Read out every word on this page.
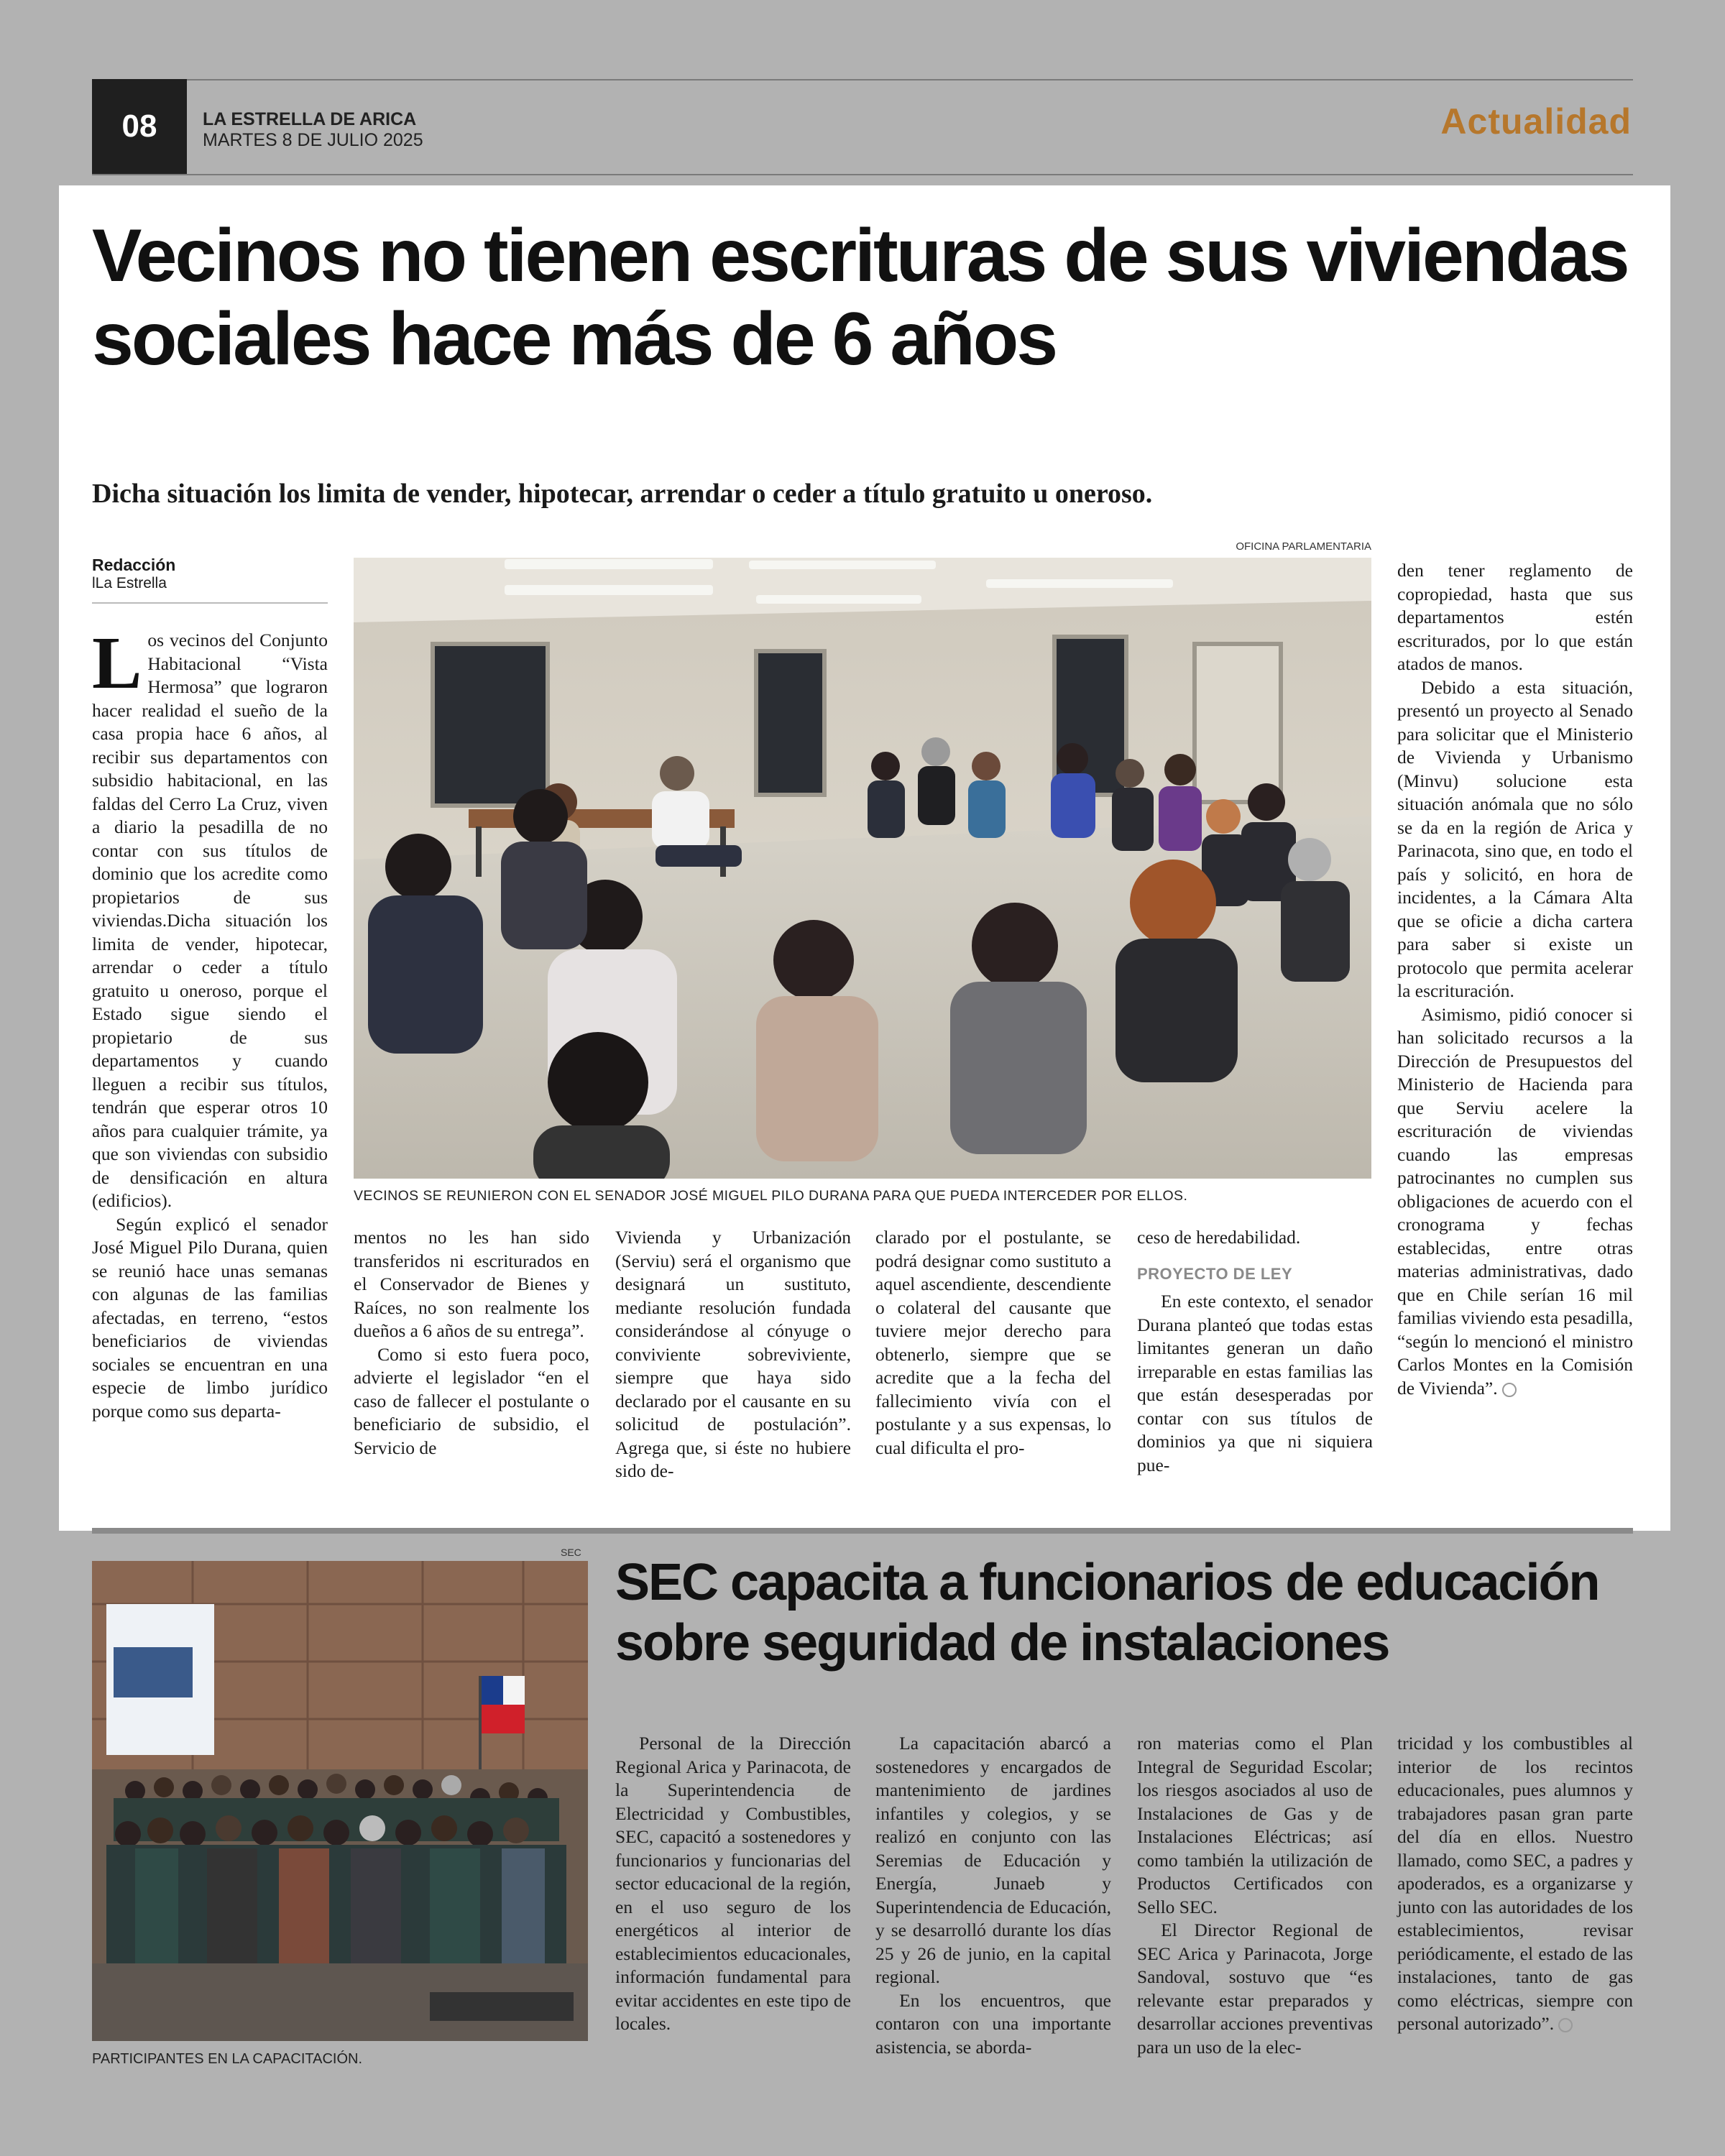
08	LA ESTRELLA DE ARICA
MARTES 8 DE JULIO 2025	Actualidad
Vecinos no tienen escrituras de sus viviendas sociales hace más de 6 años
Dicha situación los limita de vender, hipotecar, arrendar o ceder a título gratuito u oneroso.
Redacción
lLa Estrella

Los vecinos del Conjunto Habitacional “Vista Hermosa” que lograron hacer realidad el sueño de la casa propia hace 6 años, al recibir sus departamentos con subsidio habitacional, en las faldas del Cerro La Cruz, viven a diario la pesadilla de no contar con sus títulos de dominio que los acredite como propietarios de sus viviendas.Dicha situación los limita de vender, hipotecar, arrendar o ceder a título gratuito u oneroso, porque el Estado sigue siendo el propietario de sus departamentos y cuando lleguen a recibir sus títulos, tendrán que esperar otros 10 años para cualquier trámite, ya que son viviendas con subsidio de densificación en altura (edificios).

Según explicó el senador José Miguel Pilo Durana, quien se reunió hace unas semanas con algunas de las familias afectadas, en terreno, “estos beneficiarios de viviendas sociales se encuentran en una especie de limbo jurídico porque como sus departa-

OFICINA PARLAMENTARIA
VECINOS SE REUNIERON CON EL SENADOR JOSÉ MIGUEL PILO DURANA PARA QUE PUEDA INTERCEDER POR ELLOS.

mentos no les han sido transferidos ni escriturados en el Conservador de Bienes y Raíces, no son realmente los dueños a 6 años de su entrega”.

Como si esto fuera poco, advierte el legislador “en el caso de fallecer el postulante o beneficiario de subsidio, el Servicio de

Vivienda y Urbanización (Serviu) será el organismo que designará un sustituto, mediante resolución fundada considerándose al cónyuge o conviviente sobreviviente, siempre que haya sido declarado por el causante en su solicitud de postulación”. Agrega que, si éste no hubiere sido de-

clarado por el postulante, se podrá designar como sustituto a aquel ascendiente, descendiente o colateral del causante que tuviere mejor derecho para obtenerlo, siempre que se acredite que a la fecha del fallecimiento vivía con el postulante y a sus expensas, lo cual dificulta el pro-

ceso de heredabilidad.

PROYECTO DE LEY

En este contexto, el senador Durana planteó que todas estas limitantes generan un daño irreparable en estas familias las que están desesperadas por contar con sus títulos de dominios ya que ni siquiera pue-

den tener reglamento de copropiedad, hasta que sus departamentos estén escriturados, por lo que están atados de manos.

Debido a esta situación, presentó un proyecto al Senado para solicitar que el Ministerio de Vivienda y Urbanismo (Minvu) solucione esta situación anómala que no sólo se da en la región de Arica y Parinacota, sino que, en todo el país y solicitó, en hora de incidentes, a la Cámara Alta que se oficie a dicha cartera para saber si existe un protocolo que permita acelerar la escrituración.

Asimismo, pidió conocer si han solicitado recursos a la Dirección de Presupuestos del Ministerio de Hacienda para que Serviu acelere la escrituración de viviendas cuando las empresas patrocinantes no cumplen sus obligaciones de acuerdo con el cronograma y fechas establecidas, entre otras materias administrativas, dado que en Chile serían 16 mil familias viviendo esta pesadilla, “según lo mencionó el ministro Carlos Montes en la Comisión de Vivienda”.

SEC
PARTICIPANTES EN LA CAPACITACIÓN.
SEC capacita a funcionarios de educación sobre seguridad de instalaciones

Personal de la Dirección Regional Arica y Parinacota, de la Superintendencia de Electricidad y Combustibles, SEC, capacitó a sostenedores y funcionarios y funcionarias del sector educacional de la región, en el uso seguro de los energéticos al interior de establecimientos educacionales, información fundamental para evitar accidentes en este tipo de locales.

La capacitación abarcó a sostenedores y encargados de mantenimiento de jardines infantiles y colegios, y se realizó en conjunto con las Seremias de Educación y Energía, Junaeb y Superintendencia de Educación, y se desarrolló durante los días 25 y 26 de junio, en la capital regional.

En los encuentros, que contaron con una importante asistencia, se aborda-

ron materias como el Plan Integral de Seguridad Escolar; los riesgos asociados al uso de Instalaciones de Gas y de Instalaciones Eléctricas; así como también la utilización de Productos Certificados con Sello SEC.

El Director Regional de SEC Arica y Parinacota, Jorge Sandoval, sostuvo que “es relevante estar preparados y desarrollar acciones preventivas para un uso de la elec-

tricidad y los combustibles al interior de los recintos educacionales, pues alumnos y trabajadores pasan gran parte del día en ellos. Nuestro llamado, como SEC, a padres y apoderados, es a organizarse y junto con las autoridades de los establecimientos, revisar periódicamente, el estado de las instalaciones, tanto de gas como eléctricas, siempre con personal autorizado”.
